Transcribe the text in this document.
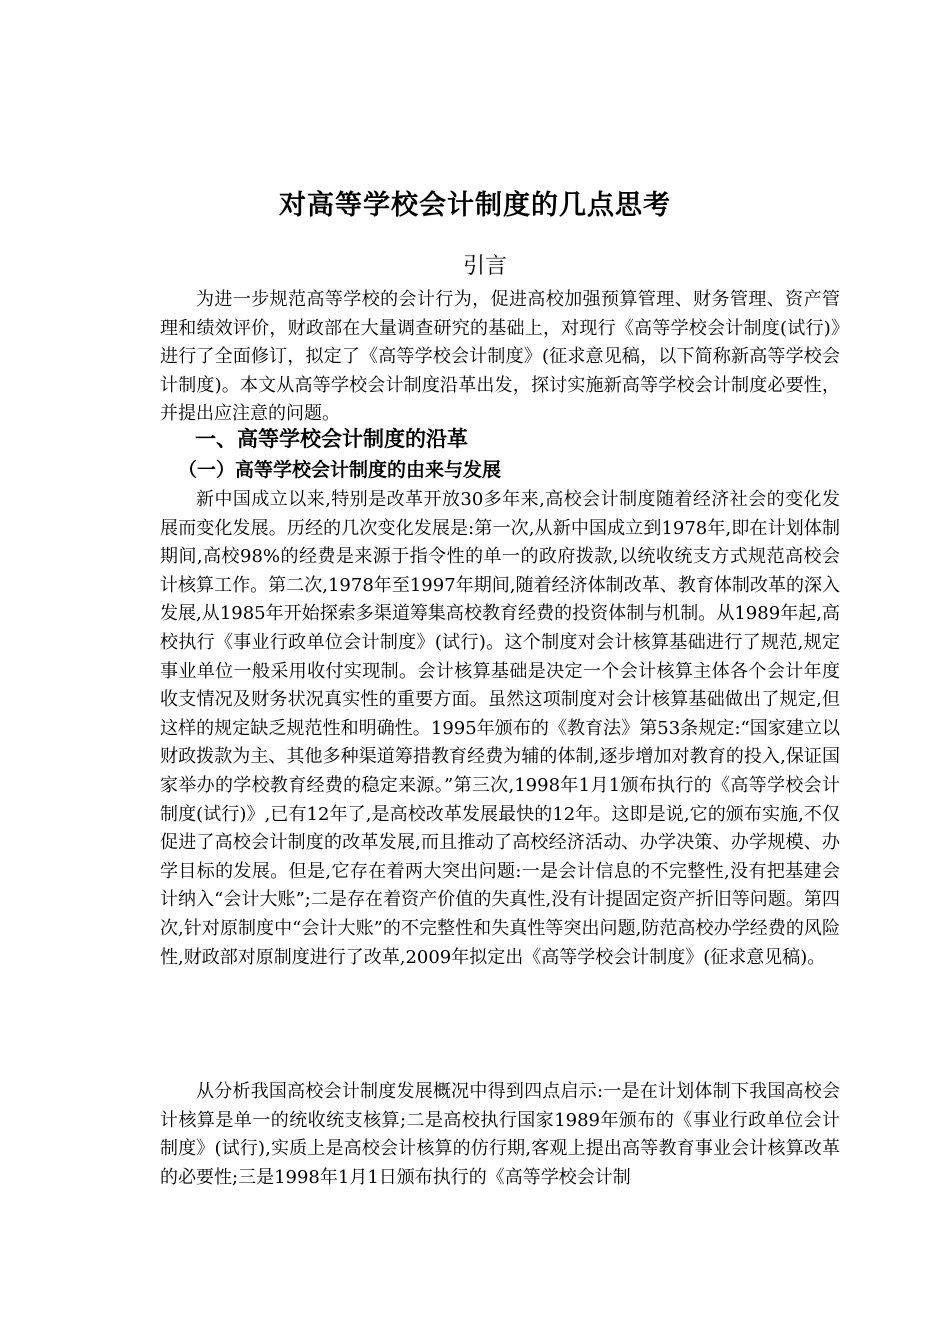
对高等学校会计制度的几点思考
引言

为进一步规范高等学校的会计行为，促进高校加强预算管理、财务管理、资产管理和绩效评价，财政部在大量调查研究的基础上，对现行《高等学校会计制度(试行)》进行了全面修订，拟定了《高等学校会计制度》(征求意见稿，以下简称新高等学校会计制度)。本文从高等学校会计制度沿革出发，探讨实施新高等学校会计制度必要性，并提出应注意的问题。

一、高等学校会计制度的沿革
（一）高等学校会计制度的由来与发展

新中国成立以来,特别是改革开放30多年来,高校会计制度随着经济社会的变化发展而变化发展。历经的几次变化发展是:第一次,从新中国成立到1978年,即在计划体制期间,高校98%的经费是来源于指令性的单一的政府拨款,以统收统支方式规范高校会计核算工作。第二次,1978年至1997年期间,随着经济体制改革、教育体制改革的深入发展,从1985年开始探索多渠道筹集高校教育经费的投资体制与机制。从1989年起,高校执行《事业行政单位会计制度》(试行)。这个制度对会计核算基础进行了规范,规定事业单位一般采用收付实现制。会计核算基础是决定一个会计核算主体各个会计年度收支情况及财务状况真实性的重要方面。虽然这项制度对会计核算基础做出了规定,但这样的规定缺乏规范性和明确性。1995年颁布的《教育法》第53条规定:“国家建立以财政拨款为主、其他多种渠道筹措教育经费为辅的体制,逐步增加对教育的投入,保证国家举办的学校教育经费的稳定来源。”第三次,1998年1月1颁布执行的《高等学校会计制度(试行)》,已有12年了,是高校改革发展最快的12年。这即是说,它的颁布实施,不仅促进了高校会计制度的改革发展,而且推动了高校经济活动、办学决策、办学规模、办学目标的发展。但是,它存在着两大突出问题:一是会计信息的不完整性,没有把基建会计纳入“会计大账”;二是存在着资产价值的失真性,没有计提固定资产折旧等问题。第四次,针对原制度中“会计大账”的不完整性和失真性等突出问题,防范高校办学经费的风险性,财政部对原制度进行了改革,2009年拟定出《高等学校会计制度》(征求意见稿)。

从分析我国高校会计制度发展概况中得到四点启示:一是在计划体制下我国高校会计核算是单一的统收统支核算;二是高校执行国家1989年颁布的《事业行政单位会计制度》(试行),实质上是高校会计核算的仿行期,客观上提出高等教育事业会计核算改革的必要性;三是1998年1月1日颁布执行的《高等学校会计制
